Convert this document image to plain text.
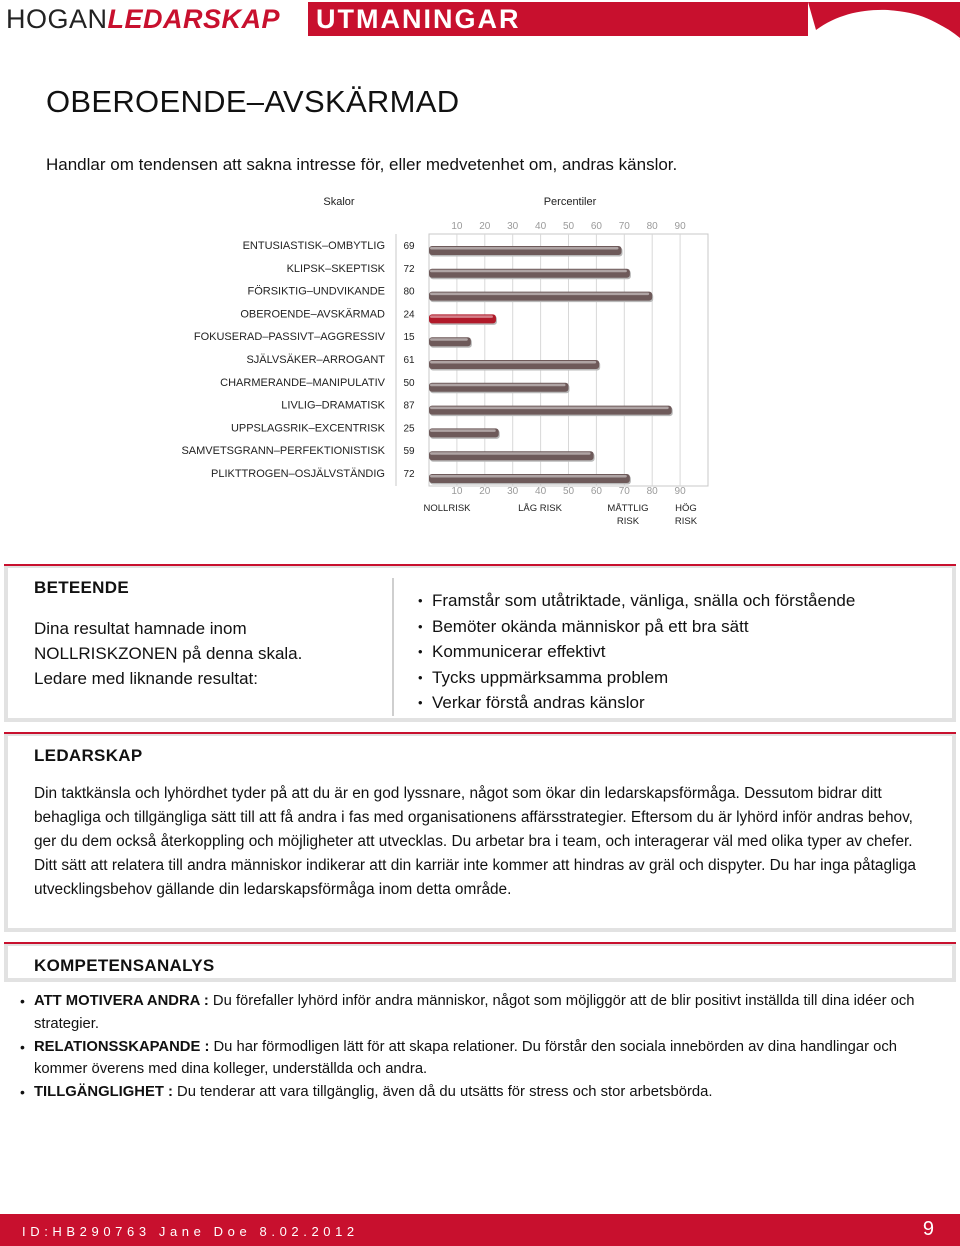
HOGANLEDARSKAP UTMANINGAR
OBEROENDE–AVSKÄRMAD

Handlar om tendensen att sakna intresse för, eller medvetenhet om, andras känslor.

Skalor	Percentiler
10
10
20
20
30
30
40
40
50
50
60
60
70
70
80
80
90
90
ENTUSIASTISK–OMBYTLIG 69
KLIPSK–SKEPTISK 72
FÖRSIKTIG–UNDVIKANDE 80
OBEROENDE–AVSKÄRMAD 24
FOKUSERAD–PASSIVT–AGGRESSIV 15
SJÄLVSÄKER–ARROGANT 61
CHARMERANDE–MANIPULATIV 50
LIVLIG–DRAMATISK 87
UPPSLAGSRIK–EXCENTRISK 25
SAMVETSGRANN–PERFEKTIONISTISK 59
PLIKTTROGEN–OSJÄLVSTÄNDIG 72
NOLLRISK	LÅG RISK	MÅTTLIG
RISK
HÖG
RISK
BETEENDE
Dina resultat hamnade inom
NOLLRISKZONEN på denna skala.
Ledare med liknande resultat:
• Framstår som utåtriktade, vänliga, snälla och förstående
• Bemöter okända människor på ett bra sätt
• Kommunicerar effektivt
• Tycks uppmärksamma problem
• Verkar förstå andras känslor
LEDARSKAP

Din taktkänsla och lyhördhet tyder på att du är en god lyssnare, något som ökar din ledarskapsförmåga. Dessutom bidrar ditt behagliga och tillgängliga sätt till att få andra i fas med organisationens affärsstrategier. Eftersom du är lyhörd inför andras behov, ger du dem också återkoppling och möjligheter att utvecklas. Du arbetar bra i team, och interagerar väl med olika typer av chefer. Ditt sätt att relatera till andra människor indikerar att din karriär inte kommer att hindras av gräl och dispyter. Du har inga påtagliga utvecklingsbehov gällande din ledarskapsförmåga inom detta område.

KOMPETENSANALYS
• ATT MOTIVERA ANDRA : Du förefaller lyhörd inför andra människor, något som möjliggör att de blir positivt inställda till dina idéer och strategier.
• RELATIONSSKAPANDE : Du har förmodligen lätt för att skapa relationer. Du förstår den sociala innebörden av dina handlingar och kommer överens med dina kolleger, underställda och andra.
• TILLGÄNGLIGHET : Du tenderar att vara tillgänglig, även då du utsätts för stress och stor arbetsbörda.
ID:HB290763 Jane Doe 8.02.2012	9
